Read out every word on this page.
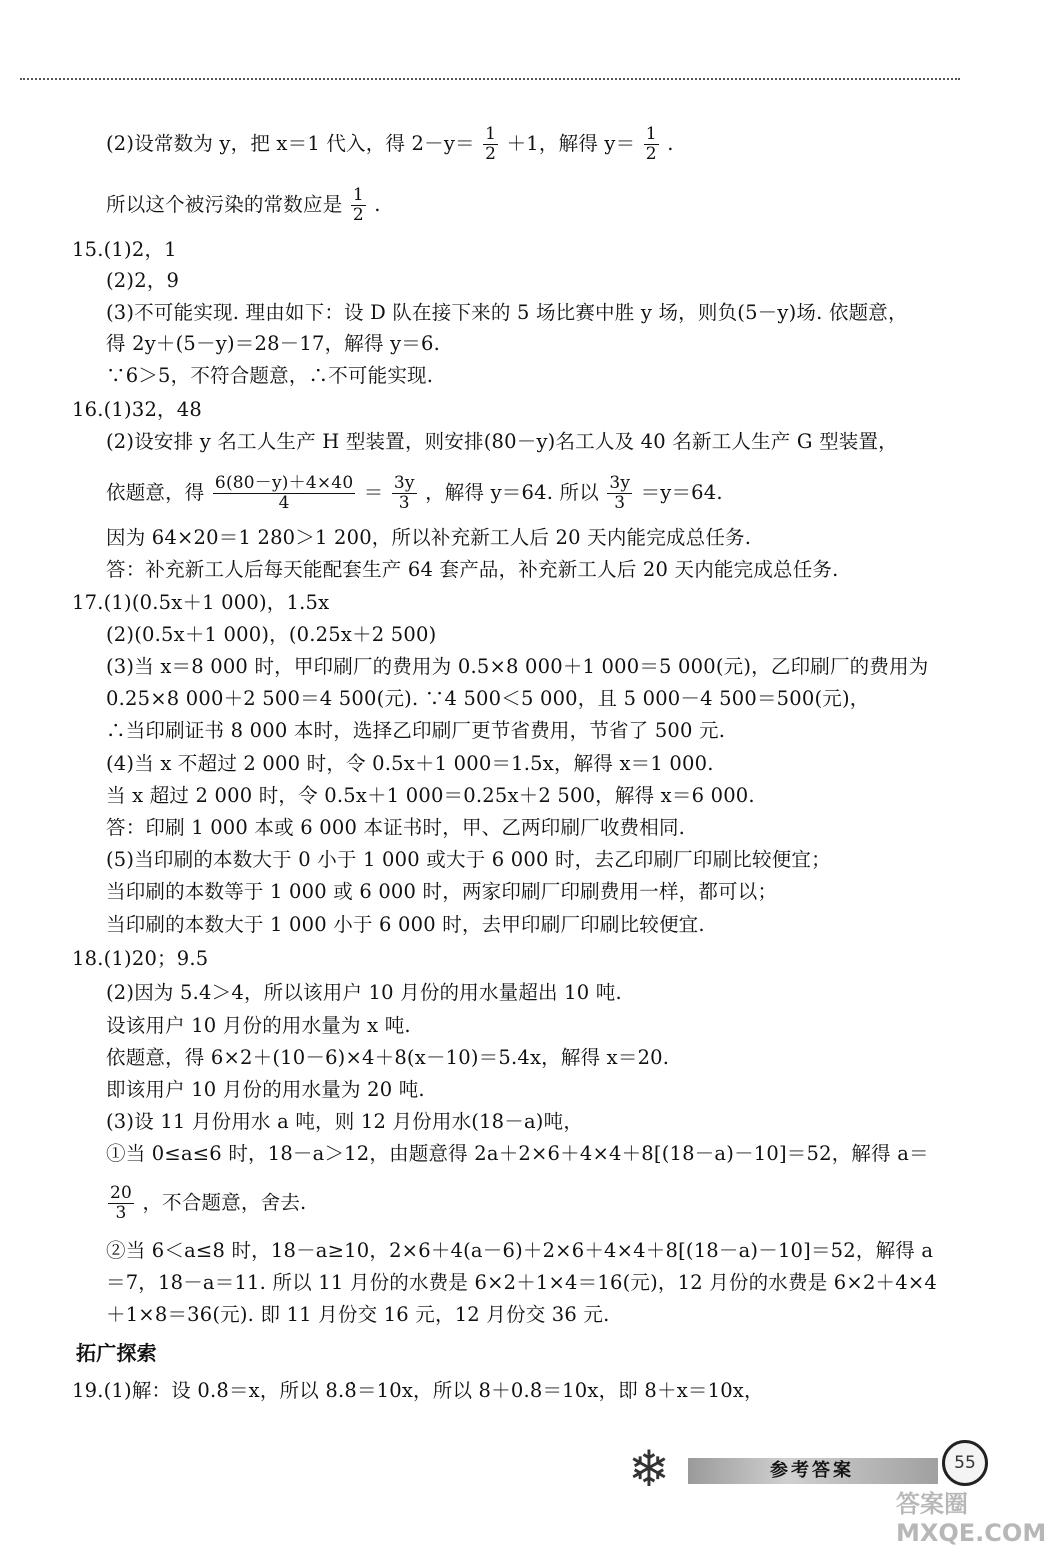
(2)设常数为 y，把 x＝1 代入，得 $2-y= \frac{1}{2} +1$，解得 $y= \frac{1}{2}$ .
所以这个被污染的常数应是 $\frac{1}{2}$ .
15.(1)2，1
(2)2，9
(3)不可能实现. 理由如下：设 D 队在接下来的 5 场比赛中胜 y 场，则负(5－y)场. 依题意，
得 2y＋(5－y)＝28－17，解得 y＝6.
∵6＞5，不符合题意，∴不可能实现.
16.(1)32，48
(2)设安排 y 名工人生产 H 型装置，则安排(80－y)名工人及 40 名新工人生产 G 型装置，
依题意，得 $\frac{6(80-y)+4\times 40}{4} = \frac{3y}{3}$ ，解得 y＝64. 所以 $\frac{3y}{3} =y=64$.
因为 64×20＝1 280＞1 200，所以补充新工人后 20 天内能完成总任务.
答：补充新工人后每天能配套生产 64 套产品，补充新工人后 20 天内能完成总任务.
17.(1)(0.5x＋1 000)，1.5x
(2)(0.5x＋1 000)，(0.25x＋2 500)
(3)当 x＝8 000 时，甲印刷厂的费用为 0.5×8 000＋1 000＝5 000(元)，乙印刷厂的费用为
0.25×8 000＋2 500＝4 500(元). ∵4 500＜5 000，且 5 000－4 500＝500(元)，
∴当印刷证书 8 000 本时，选择乙印刷厂更节省费用，节省了 500 元.
(4)当 x 不超过 2 000 时，令 0.5x＋1 000＝1.5x，解得 x＝1 000.
当 x 超过 2 000 时，令 0.5x＋1 000＝0.25x＋2 500，解得 x＝6 000.
答：印刷 1 000 本或 6 000 本证书时，甲、乙两印刷厂收费相同.
(5)当印刷的本数大于 0 小于 1 000 或大于 6 000 时，去乙印刷厂印刷比较便宜；
当印刷的本数等于 1 000 或 6 000 时，两家印刷厂印刷费用一样，都可以；
当印刷的本数大于 1 000 小于 6 000 时，去甲印刷厂印刷比较便宜.
18.(1)20；9.5
(2)因为 5.4＞4，所以该用户 10 月份的用水量超出 10 吨.
设该用户 10 月份的用水量为 x 吨.
依题意，得 6×2＋(10－6)×4＋8(x－10)＝5.4x，解得 x＝20.
即该用户 10 月份的用水量为 20 吨.
(3)设 11 月份用水 a 吨，则 12 月份用水(18－a)吨，
①当 0≤a≤6 时，18－a＞12，由题意得 2a＋2×6＋4×4＋8[(18－a)－10]＝52，解得 a＝
$\frac{20}{3}$ ，不合题意，舍去.
②当 6＜a≤8 时，18－a≥10，2×6＋4(a－6)＋2×6＋4×4＋8[(18－a)－10]＝52，解得 a
＝7，18－a＝11. 所以 11 月份的水费是 6×2＋1×4＝16(元)，12 月份的水费是 6×2＋4×4
＋1×8＝36(元). 即 11 月份交 16 元，12 月份交 36 元.
拓广探索
19.(1)解：设 0.8̇＝x，所以 8.8̇＝10x，所以 8＋0.8̇＝10x，即 8＋x＝10x，
❄	参考答案	55
答案圈 MXQE.COM
